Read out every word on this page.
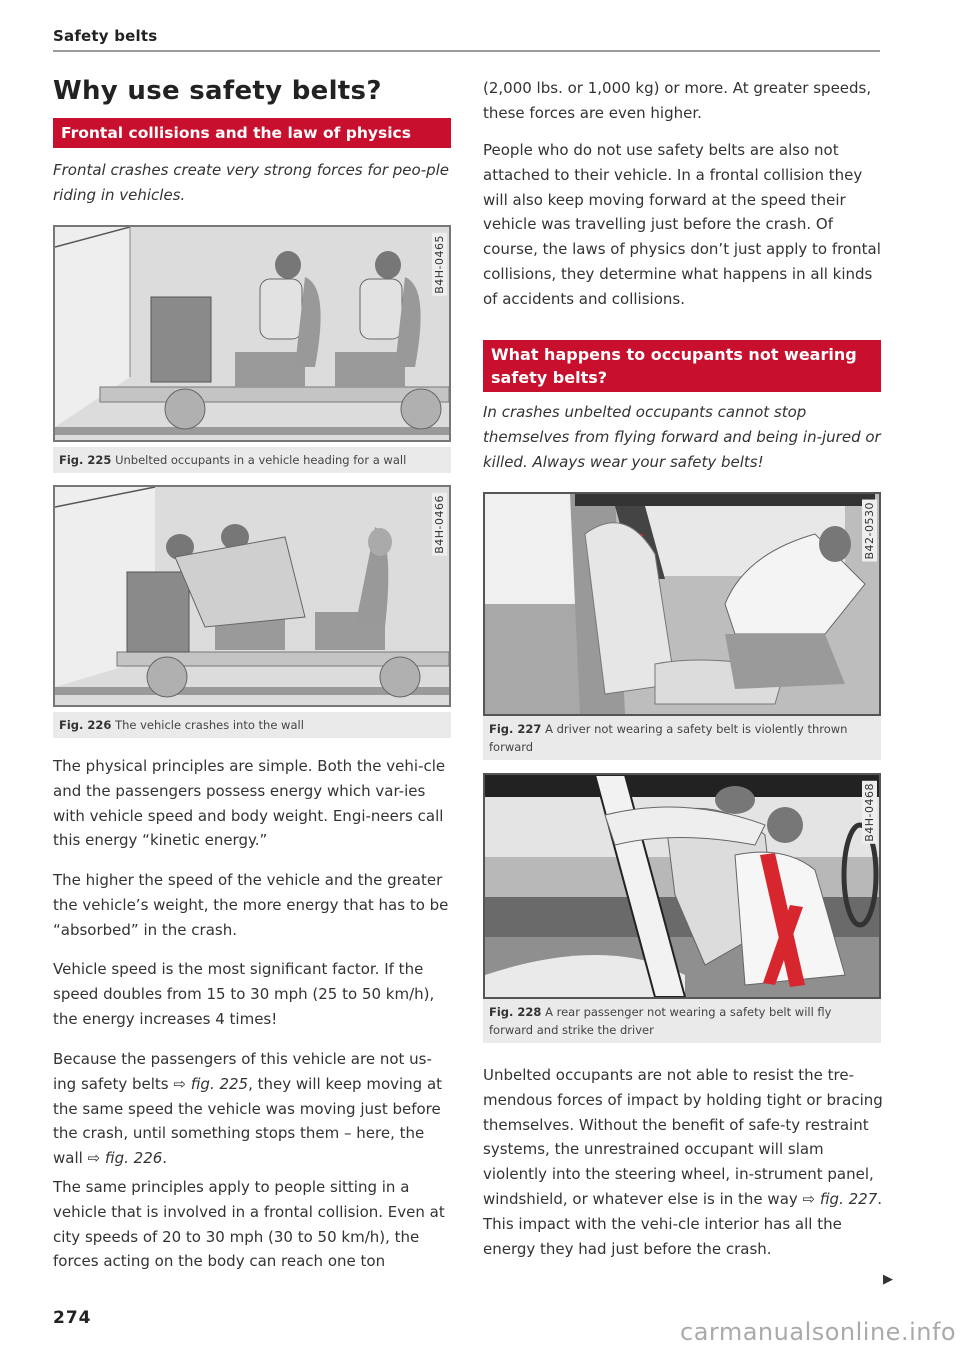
Safety belts
Why use safety belts?
Frontal collisions and the law of physics

Frontal crashes create very strong forces for peo-ple riding in vehicles.

B4H-0465
Fig. 225 Unbelted occupants in a vehicle heading for a wall
B4H-0466
Fig. 226 The vehicle crashes into the wall

The physical principles are simple. Both the vehi-cle and the passengers possess energy which var-ies with vehicle speed and body weight. Engi-neers call this energy “kinetic energy.”

The higher the speed of the vehicle and the greater the vehicle’s weight, the more energy that has to be “absorbed” in the crash.

Vehicle speed is the most significant factor. If the speed doubles from 15 to 30 mph (25 to 50 km/h), the energy increases 4 times!

Because the passengers of this vehicle are not us-ing safety belts ⇨ fig. 225, they will keep moving at the same speed the vehicle was moving just before the crash, until something stops them – here, the wall ⇨ fig. 226.

The same principles apply to people sitting in a vehicle that is involved in a frontal collision. Even at city speeds of 20 to 30 mph (30 to 50 km/h), the forces acting on the body can reach one ton

274

(2,000 lbs. or 1,000 kg) or more. At greater speeds, these forces are even higher.

People who do not use safety belts are also not attached to their vehicle. In a frontal collision they will also keep moving forward at the speed their vehicle was travelling just before the crash. Of course, the laws of physics don’t just apply to frontal collisions, they determine what happens in all kinds of accidents and collisions.

What happens to occupants not wearing safety belts?

In crashes unbelted occupants cannot stop themselves from flying forward and being in-jured or killed. Always wear your safety belts!

B42-0530
Fig. 227 A driver not wearing a safety belt is violently thrown forward
B4H-0468
Fig. 228 A rear passenger not wearing a safety belt will fly forward and strike the driver

Unbelted occupants are not able to resist the tre-mendous forces of impact by holding tight or bracing themselves. Without the benefit of safe-ty restraint systems, the unrestrained occupant will slam violently into the steering wheel, in-strument panel, windshield, or whatever else is in the way ⇨ fig. 227. This impact with the vehi-cle interior has all the energy they had just before the crash.

▶
carmanualsonline.info
